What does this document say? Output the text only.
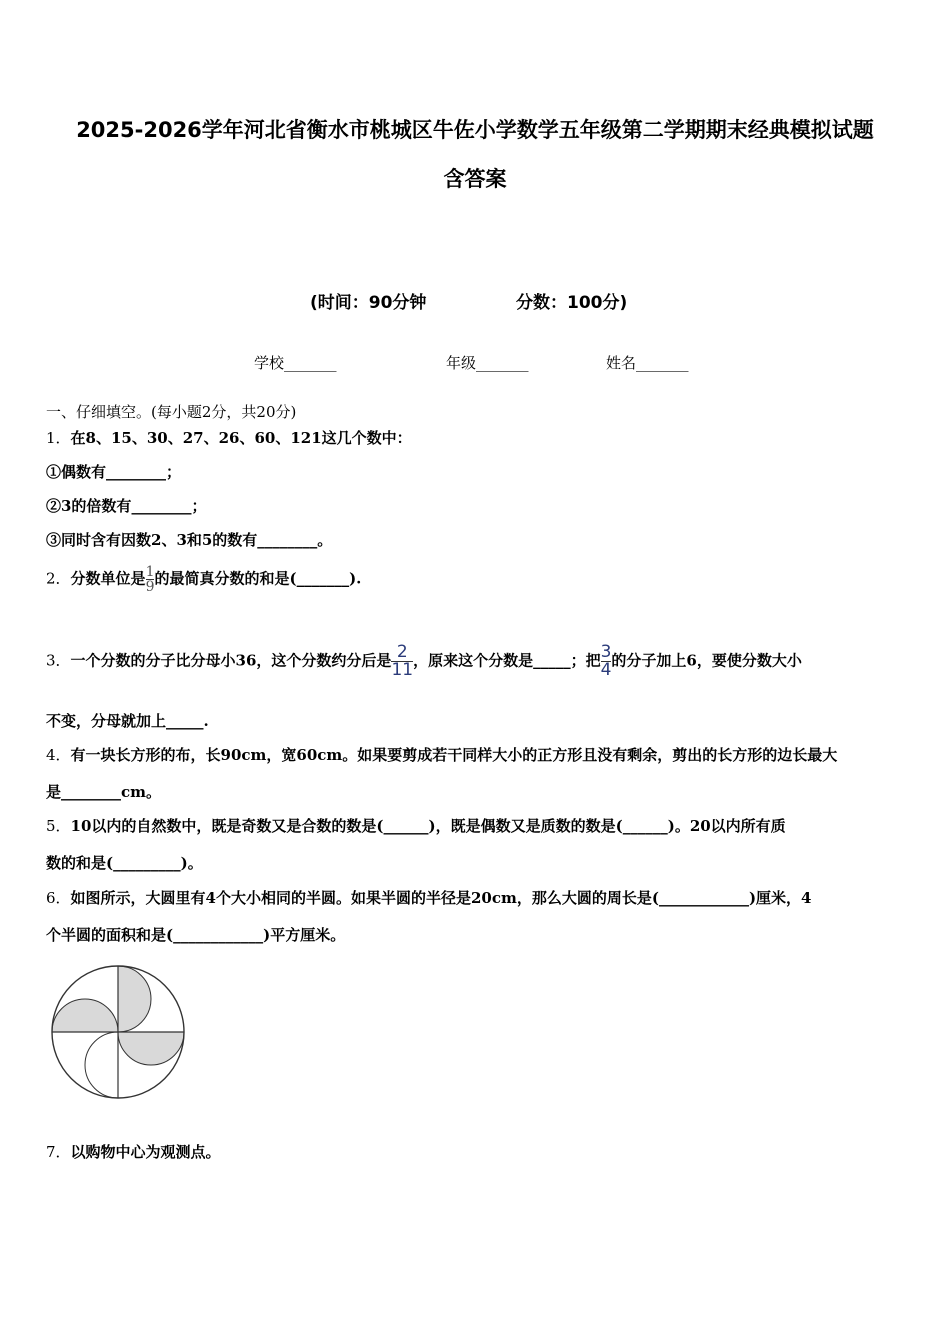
2025-2026学年河北省衡水市桃城区牛佐小学数学五年级第二学期期末经典模拟试题
含答案
(时间：90分钟	分数：100分)
学校_______	年级_______	姓名_______
一、仔细填空。(每小题2分，共20分)
1．在8、15、30、27、26、60、121这几个数中：
①偶数有________；
②3的倍数有________；
③同时含有因数2、3和5的数有________。
2．分数单位是 $\frac{1}{9}$ 的最简真分数的和是(_______).
3．一个分数的分子比分母小36，这个分数约分后是 $\frac{2}{11}$ ，原来这个分数是_____；把 $\frac{3}{4}$ 的分子加上6，要使分数大小
不变，分母就加上_____.
4．有一块长方形的布，长90cm，宽60cm。如果要剪成若干同样大小的正方形且没有剩余，剪出的长方形的边长最大
是________cm。
5．10以内的自然数中，既是奇数又是合数的数是(______)，既是偶数又是质数的数是(______)。20以内所有质
数的和是(_________)。
6．如图所示，大圆里有4个大小相同的半圆。如果半圆的半径是20cm，那么大圆的周长是(____________)厘米，4
个半圆的面积和是(____________)平方厘米。
7．以购物中心为观测点。
